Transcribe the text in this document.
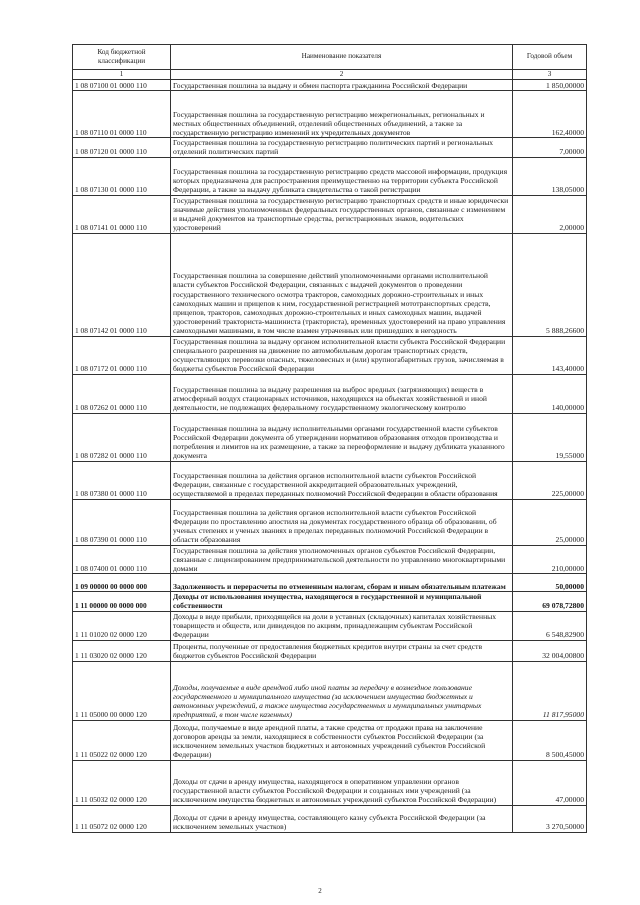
Код бюджетной классификации	Наименование показателя	Годовой объем
1	2	3
1 08 07100 01 0000 110	Государственная пошлина за выдачу и обмен паспорта гражданина Российской Федерации	1 850,00000
1 08 07110 01 0000 110	Государственная пошлина за государственную регистрацию межрегиональных, региональных и местных общественных объединений, отделений общественных объединений, а также за государственную регистрацию изменений их учредительных документов	162,40000
1 08 07120 01 0000 110	Государственная пошлина за государственную регистрацию политических партий и региональных отделений политических партий	7,00000
1 08 07130 01 0000 110	Государственная пошлина за государственную регистрацию средств массовой информации, продукция которых предназначена для распространения преимущественно на территории субъекта Российской Федерации, а также за выдачу дубликата свидетельства о такой регистрации	138,05000
1 08 07141 01 0000 110	Государственная пошлина за государственную регистрацию транспортных средств и иные юридически значимые действия уполномоченных федеральных государственных органов, связанные с изменением и выдачей документов на транспортные средства, регистрационных знаков, водительских удостоверений	2,00000
1 08 07142 01 0000 110	Государственная пошлина за совершение действий уполномоченными органами исполнительной власти субъектов Российской Федерации, связанных с выдачей документов о проведении государственного технического осмотра тракторов, самоходных дорожно-строительных и иных самоходных машин и прицепов к ним, государственной регистрацией мототранспортных средств, прицепов, тракторов, самоходных дорожно-строительных и иных самоходных машин, выдачей удостоверений тракториста-машиниста (тракториста), временных удостоверений на право управления самоходными машинами, в том числе взамен утраченных или пришедших в негодность	5 888,26600
1 08 07172 01 0000 110	Государственная пошлина за выдачу органом исполнительной власти субъекта Российской Федерации специального разрешения на движение по автомобильным дорогам транспортных средств, осуществляющих перевозки опасных, тяжеловесных и (или) крупногабаритных грузов, зачисляемая в бюджеты субъектов Российской Федерации	143,40000
1 08 07262 01 0000 110	Государственная пошлина за выдачу разрешения на выброс вредных (загрязняющих) веществ в атмосферный воздух стационарных источников, находящихся на объектах хозяйственной и иной деятельности, не подлежащих федеральному государственному экологическому контролю	140,00000
1 08 07282 01 0000 110	Государственная пошлина за выдачу исполнительными органами государственной власти субъектов Российской Федерации документа об утверждении нормативов образования отходов производства и потребления и лимитов на их размещение, а также за переоформление и выдачу дубликата указанного документа	19,55000
1 08 07380 01 0000 110	Государственная пошлина за действия органов исполнительной власти субъектов Российской Федерации, связанные с государственной аккредитацией образовательных учреждений, осуществляемой в пределах переданных полномочий Российской Федерации в области образования	225,00000
1 08 07390 01 0000 110	Государственная пошлина за действия органов исполнительной власти субъектов Российской Федерации по проставлению апостиля на документах государственного образца об образовании, об ученых степенях и ученых званиях в пределах переданных полномочий Российской Федерации в области образования	25,00000
1 08 07400 01 0000 110	Государственная пошлина за действия уполномоченных органов субъектов Российской Федерации, связанные с лицензированием предпринимательской деятельности по управлению многоквартирными домами	210,00000
1 09 00000 00 0000 000	Задолженность и перерасчеты по отмененным налогам, сборам и иным обязательным платежам	50,00000
1 11 00000 00 0000 000	Доходы от использования имущества, находящегося в государственной и муниципальной собственности	69 078,72800
1 11 01020 02 0000 120	Доходы в виде прибыли, приходящейся на доли в уставных (складочных) капиталах хозяйственных товариществ и обществ, или дивидендов по акциям, принадлежащим субъектам Российской Федерации	6 548,82900
1 11 03020 02 0000 120	Проценты, полученные от предоставления бюджетных кредитов внутри страны за счет средств бюджетов субъектов Российской Федерации	32 004,00800
1 11 05000 00 0000 120	Доходы, получаемые в виде арендной либо иной платы за передачу в возмездное пользование государственного и муниципального имущества (за исключением имущества бюджетных и автономных учреждений, а также имущества государственных и муниципальных унитарных предприятий, в том числе казенных)	11 817,95000
1 11 05022 02 0000 120	Доходы, получаемые в виде арендной платы, а также средства от продажи права на заключение договоров аренды за земли, находящиеся в собственности субъектов Российской Федерации (за исключением земельных участков бюджетных и автономных учреждений субъектов Российской Федерации)	8 500,45000
1 11 05032 02 0000 120	Доходы от сдачи в аренду имущества, находящегося в оперативном управлении органов государственной власти субъектов Российской Федерации и созданных ими учреждений (за исключением имущества бюджетных и автономных учреждений субъектов Российской Федерации)	47,00000
1 11 05072 02 0000 120	Доходы от сдачи в аренду имущества, составляющего казну субъекта Российской Федерации (за исключением земельных участков)	3 270,50000
2
